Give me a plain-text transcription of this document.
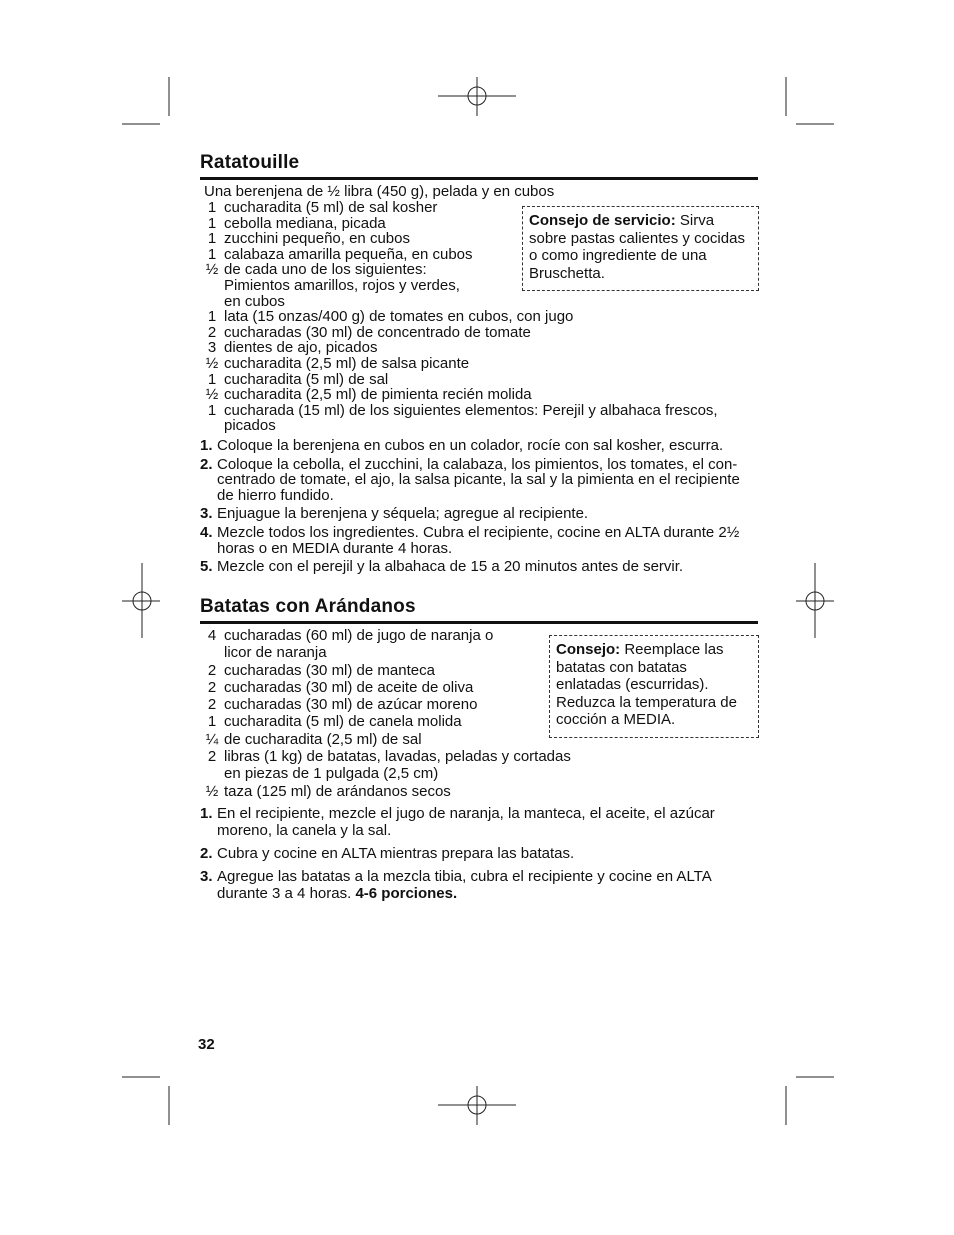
Ratatouille
Una berenjena de ½ libra (450 g), pelada y en cubos
1 cucharadita (5 ml) de sal kosher
1 cebolla mediana, picada
1 zucchini pequeño, en cubos
1 calabaza amarilla pequeña, en cubos
½ de cada uno de los siguientes:
Pimientos amarillos, rojos y verdes,
en cubos
1 lata (15 onzas/400 g) de tomates en cubos, con jugo
2 cucharadas (30 ml) de concentrado de tomate
3 dientes de ajo, picados
½ cucharadita (2,5 ml) de salsa picante
1 cucharadita (5 ml) de sal
½ cucharadita (2,5 ml) de pimienta recién molida
1 cucharada (15 ml) de los siguientes elementos: Perejil y albahaca frescos,
picados
Consejo de servicio: Sirva sobre pastas calientes y cocidas o como ingrediente de una Bruschetta.
1. Coloque la berenjena en cubos en un colador, rocíe con sal kosher, escurra.
2. Coloque la cebolla, el zucchini, la calabaza, los pimientos, los tomates, el con-centrado de tomate, el ajo, la salsa picante, la sal y la pimienta en el recipiente de hierro fundido.
3. Enjuague la berenjena y séquela; agregue al recipiente.
4. Mezcle todos los ingredientes. Cubra el recipiente, cocine en ALTA durante 2½ horas o en MEDIA durante 4 horas.
5. Mezcle con el perejil y la albahaca de 15 a 20 minutos antes de servir.
Batatas con Arándanos
4 cucharadas (60 ml) de jugo de naranja o
licor de naranja
2 cucharadas (30 ml) de manteca
2 cucharadas (30 ml) de aceite de oliva
2 cucharadas (30 ml) de azúcar moreno
1 cucharadita (5 ml) de canela molida
¼ de cucharadita (2,5 ml) de sal
2 libras (1 kg) de batatas, lavadas, peladas y cortadas
en piezas de 1 pulgada (2,5 cm)
½ taza (125 ml) de arándanos secos
Consejo: Reemplace las batatas con batatas enlatadas (escurridas). Reduzca la temperatura de cocción a MEDIA.
1. En el recipiente, mezcle el jugo de naranja, la manteca, el aceite, el azúcar moreno, la canela y la sal.
2. Cubra y cocine en ALTA mientras prepara las batatas.
3. Agregue las batatas a la mezcla tibia, cubra el recipiente y cocine en ALTA durante 3 a 4 horas. 4-6 porciones.
32
